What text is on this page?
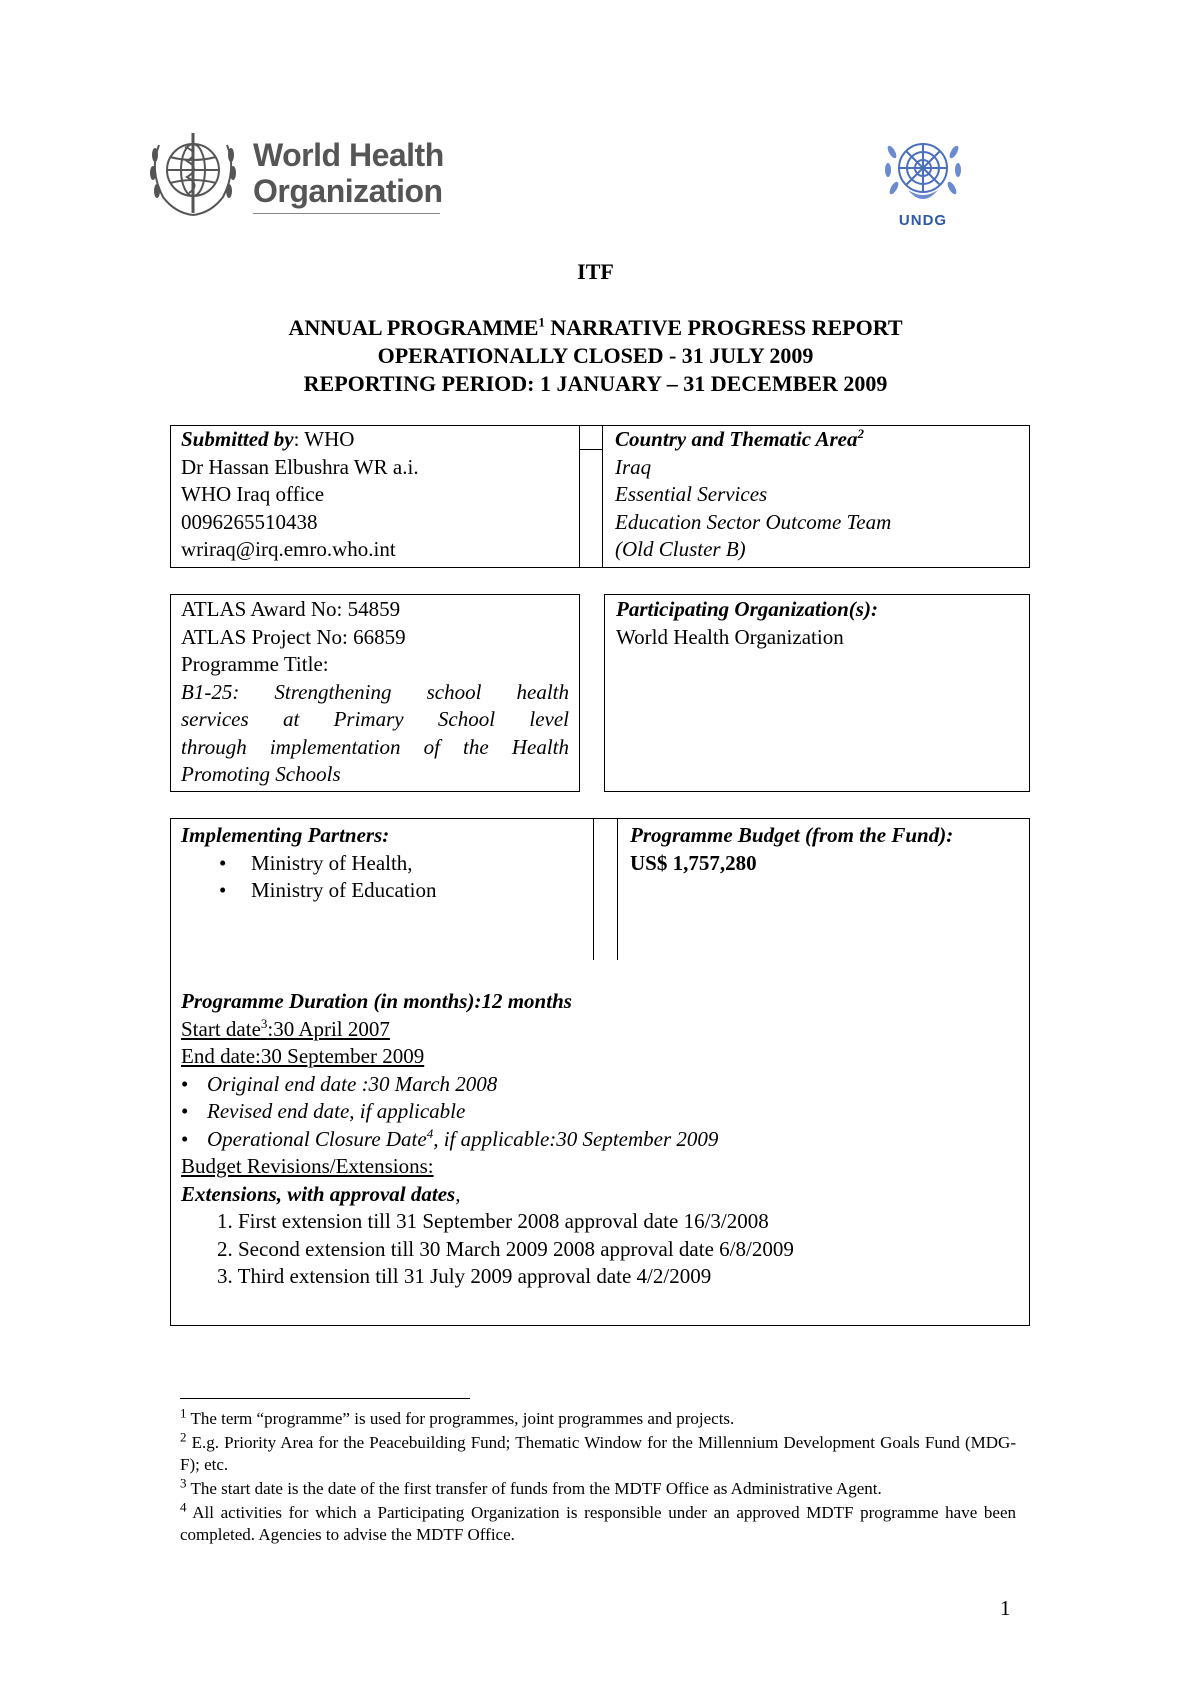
World Health
Organization
UNDG
ITF
ANNUAL PROGRAMME$^1$ NARRATIVE PROGRESS REPORT
OPERATIONALLY CLOSED - 31 JULY 2009
REPORTING PERIOD: 1 JANUARY – 31 DECEMBER 2009
Submitted by: WHO
Dr Hassan Elbushra WR a.i.
WHO Iraq office
0096265510438
wriraq@irq.emro.who.int
Country and Thematic Area$^2$
Iraq
Essential Services
Education Sector Outcome Team
(Old Cluster B)
ATLAS Award No: 54859
ATLAS Project No: 66859
Programme Title:
B1-25: Strengthening school health
services at Primary School level
through implementation of the Health
Promoting Schools
Participating Organization(s):
World Health Organization
Implementing Partners:
• Ministry of Health,
• Ministry of Education
Programme Budget (from the Fund):
US$ 1,757,280
Programme Duration (in months):12 months
Start date$^3$:30 April 2007
End date:30 September 2009
• Original end date :30 March 2008
• Revised end date, if applicable
• Operational Closure Date$^4$, if applicable:30 September 2009
Budget Revisions/Extensions:
Extensions, with approval dates,
1. First extension till 31 September 2008 approval date 16/3/2008
2. Second extension till 30 March 2009 2008 approval date 6/8/2009
3. Third extension till 31 July 2009 approval date 4/2/2009
$^1$ The term “programme” is used for programmes, joint programmes and projects.
$^2$ E.g. Priority Area for the Peacebuilding Fund; Thematic Window for the Millennium Development Goals Fund (MDG-F); etc.
$^3$ The start date is the date of the first transfer of funds from the MDTF Office as Administrative Agent.
$^4$ All activities for which a Participating Organization is responsible under an approved MDTF programme have been completed. Agencies to advise the MDTF Office.
1
